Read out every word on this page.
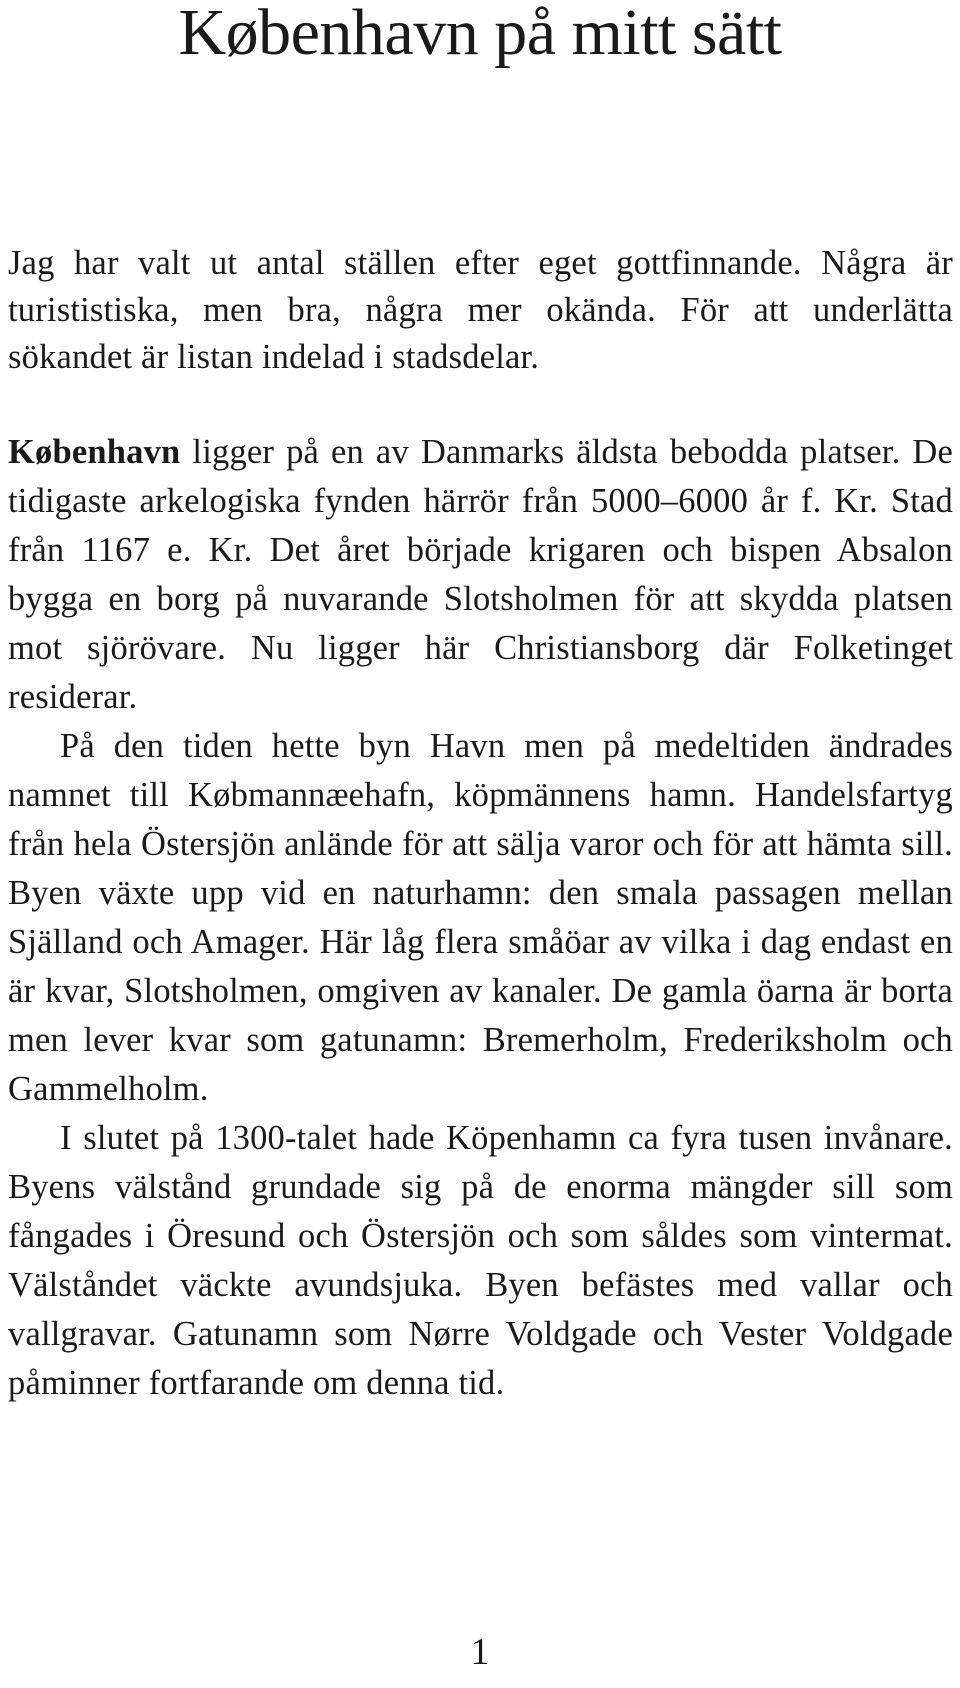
København på mitt sätt

Jag har valt ut antal ställen efter eget gottfinnande. Några är turististiska, men bra, några mer okända. För att underlätta sökandet är listan indelad i stadsdelar.

København ligger på en av Danmarks äldsta bebodda platser. De tidigaste arkelogiska fynden härrör från 5000–6000 år f. Kr. Stad från 1167 e. Kr. Det året började krigaren och bispen Absalon bygga en borg på nuvarande Slotsholmen för att skydda platsen mot sjörövare. Nu ligger här Christiansborg där Folketinget residerar.

På den tiden hette byn Havn men på medeltiden ändrades namnet till Købmannæehafn, köpmännens hamn. Handelsfartyg från hela Östersjön anlände för att sälja varor och för att hämta sill. Byen växte upp vid en naturhamn: den smala passagen mellan Själland och Amager. Här låg flera småöar av vilka i dag endast en är kvar, Slotsholmen, omgiven av kanaler. De gamla öarna är borta men lever kvar som gatunamn: Bremerholm, Frederiksholm och Gammelholm.

I slutet på 1300-talet hade Köpenhamn ca fyra tusen invånare. Byens välstånd grundade sig på de enorma mängder sill som fångades i Öresund och Östersjön och som såldes som vintermat. Välståndet väckte avundsjuka. Byen befästes med vallar och vallgravar. Gatunamn som Nørre Voldgade och Vester Voldgade påminner fortfarande om denna tid.

1
